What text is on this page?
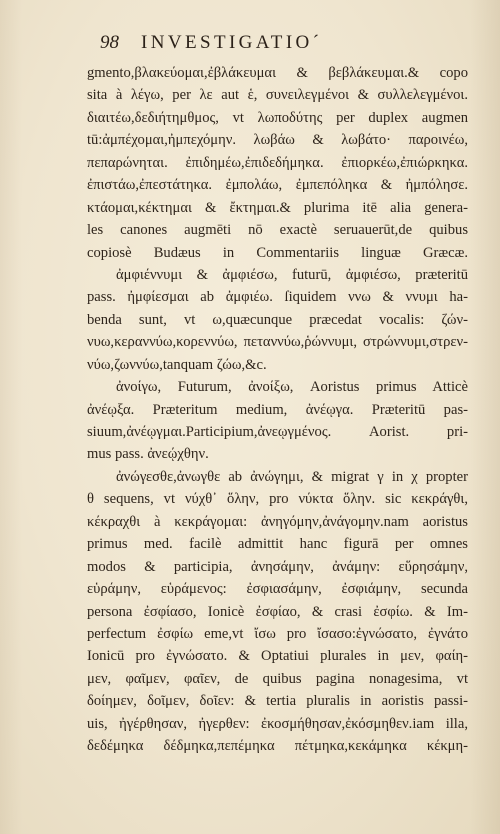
98 INVESTIGATIO´
gmento,βλακεύομαι,ἐβλάκευμαι & βεβλάκευμαι.& copo
sita à λέγω, per λε aut ἑ, συνειλεγμένοι & συλλελεγμένοι.
διαιτέω,δεδιήτημθμος, vt λωποδύτης per duplex augmen
tū:ἀμπέχομαι,ἠμπεχόμην. λωβάω & λωβάτο· παροινέω,
πεπαρώνηται. ἐπιδημέω,ἐπιδεδήμηκα. ἐπιορκέω,ἐπιώρκηκα.
ἐπιστάω,ἐπεστάτηκα. ἐμπολάω, ἐμπεπόληκα & ἠμπόλησε.
κτάομαι,κέκτημαι & ἔκτημαι.& plurima itē alia genera-
les canones augmēti nō exactè seruauerūt,de quibus
copiosè Budæus in Commentariis linguæ Græcæ.
ἀμφιέννυμι & ἀμφιέσω, futurū, ἀμφιέσω, præteritū
pass. ἠμφίεσμαι ab ἀμφιέω. ſiquidem ννω & ννυμι ha-
benda sunt, vt ω,quæcunque præcedat vocalis: ζών-
νυω,κεραννύω,κορεννύω, πεταννύω,ῥώννυμι, στρώννυμι,στρεν-
νύω,ζωννύω,tanquam ζώω,&c.
ἀνοίγω, Futurum, ἀνοίξω, Aoristus primus Atticè
ἀνέῳξα. Præteritum medium, ἀνέῳγα. Præteritū pas-
siuum,ἀνέῳγμαι.Participium,ἀνεῳγμένος. Aorist. pri-
mus pass. ἀνεῴχθην.
ἀνώγεσθε,ἀνωγθε ab ἀνώγημι, & migrat γ in χ propter
θ sequens, vt νύχθ᾽ ὅλην, pro νύκτα ὅλην. sic κεκράγθι,
κέκραχθι à κεκράγομαι: ἀνηγόμην,ἀνάγομην.nam aoristus
primus med. facilè admittit hanc figurā per omnes
modos & participia, ἀνησάμην, ἀνάμην: εὕρησάμην,
εὑράμην, εὑράμενος: ἐσφιασάμην, ἐσφιάμην, secunda
persona ἐσφίασο, Ionicè ἐσφίαο, & crasi ἐσφίω. & Im-
perfectum ἐσφίω eme,vt ἴσω pro ἴσασο:ἐγνώσατο, ἐγνάτο
Ionicū pro ἐγνώσατο. & Optatiui plurales in μεν, φαίη-
μεν, φαῖμεν, φαῖεν, de quibus pagina nonagesima, vt
δοίημεν, δοῖμεν, δοῖεν: & tertia pluralis in aoristis passi-
uis, ἠγέρθησαν, ἠγερθεν: ἐκοσμήθησαν,ἐκόσμηθεν.iam illa,
δεδέμηκα δέδμηκα,πεπέμηκα πέτμηκα,κεκάμηκα κέκμη-
